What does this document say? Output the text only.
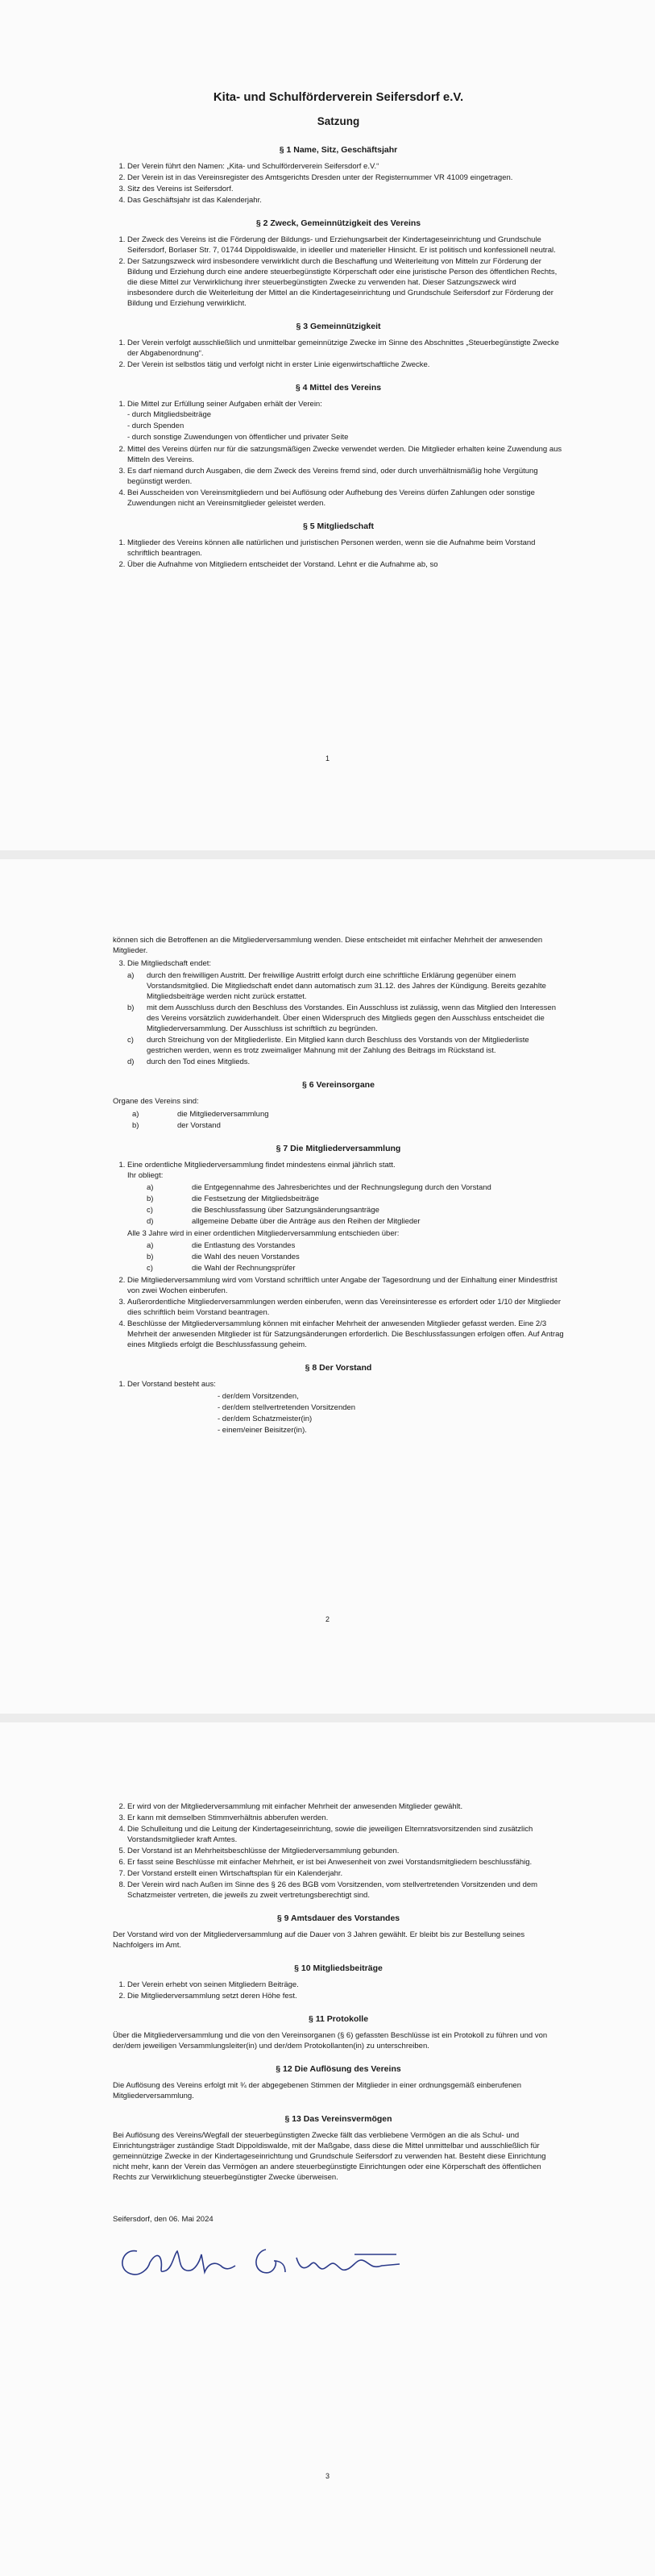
Kita- und Schulförderverein Seifersdorf e.V.
Satzung
§ 1 Name, Sitz, Geschäftsjahr
1. Der Verein führt den Namen: „Kita- und Schulförderverein Seifersdorf e.V.“
2. Der Verein ist in das Vereinsregister des Amtsgerichts Dresden unter der Registernummer VR 41009 eingetragen.
3. Sitz des Vereins ist Seifersdorf.
4. Das Geschäftsjahr ist das Kalenderjahr.
§ 2 Zweck, Gemeinnützigkeit des Vereins
1. Der Zweck des Vereins ist die Förderung der Bildungs- und Erziehungsarbeit der Kindertageseinrichtung und Grundschule Seifersdorf, Borlaser Str. 7, 01744 Dippoldiswalde, in ideeller und materieller Hinsicht. Er ist politisch und konfessionell neutral.
2. Der Satzungszweck wird insbesondere verwirklicht durch die Beschaffung und Weiterleitung von Mitteln zur Förderung der Bildung und Erziehung durch eine andere steuerbegünstigte Körperschaft oder eine juristische Person des öffentlichen Rechts, die diese Mittel zur Verwirklichung ihrer steuerbegünstigten Zwecke zu verwenden hat. Dieser Satzungszweck wird insbesondere durch die Weiterleitung der Mittel an die Kindertageseinrichtung und Grundschule Seifersdorf zur Förderung der Bildung und Erziehung verwirklicht.
§ 3 Gemeinnützigkeit
1. Der Verein verfolgt ausschließlich und unmittelbar gemeinnützige Zwecke im Sinne des Abschnittes „Steuerbegünstigte Zwecke der Abgabenordnung“.
2. Der Verein ist selbstlos tätig und verfolgt nicht in erster Linie eigenwirtschaftliche Zwecke.
§ 4 Mittel des Vereins
1. Die Mittel zur Erfüllung seiner Aufgaben erhält der Verein:
- durch Mitgliedsbeiträge
- durch Spenden
- durch sonstige Zuwendungen von öffentlicher und privater Seite
2. Mittel des Vereins dürfen nur für die satzungsmäßigen Zwecke verwendet werden. Die Mitglieder erhalten keine Zuwendung aus Mitteln des Vereins.
3. Es darf niemand durch Ausgaben, die dem Zweck des Vereins fremd sind, oder durch unverhältnismäßig hohe Vergütung begünstigt werden.
4. Bei Ausscheiden von Vereinsmitgliedern und bei Auflösung oder Aufhebung des Vereins dürfen Zahlungen oder sonstige Zuwendungen nicht an Vereinsmitglieder geleistet werden.
§ 5 Mitgliedschaft
1. Mitglieder des Vereins können alle natürlichen und juristischen Personen werden, wenn sie die Aufnahme beim Vorstand schriftlich beantragen.
2. Über die Aufnahme von Mitgliedern entscheidet der Vorstand. Lehnt er die Aufnahme ab, so
1

können sich die Betroffenen an die Mitgliederversammlung wenden. Diese entscheidet mit einfacher Mehrheit der anwesenden Mitglieder.

3. Die Mitgliedschaft endet:
a)	durch den freiwilligen Austritt. Der freiwillige Austritt erfolgt durch eine schriftliche Erklärung gegenüber einem Vorstandsmitglied. Die Mitgliedschaft endet dann automatisch zum 31.12. des Jahres der Kündigung. Bereits gezahlte Mitgliedsbeiträge werden nicht zurück erstattet.
b)	mit dem Ausschluss durch den Beschluss des Vorstandes. Ein Ausschluss ist zulässig, wenn das Mitglied den Interessen des Vereins vorsätzlich zuwiderhandelt. Über einen Widerspruch des Mitglieds gegen den Ausschluss entscheidet die Mitgliederversammlung. Der Ausschluss ist schriftlich zu begründen.
c)	durch Streichung von der Mitgliederliste. Ein Mitglied kann durch Beschluss des Vorstands von der Mitgliederliste gestrichen werden, wenn es trotz zweimaliger Mahnung mit der Zahlung des Beitrags im Rückstand ist.
d)	durch den Tod eines Mitglieds.
§ 6 Vereinsorgane

Organe des Vereins sind:

a)	die Mitgliederversammlung
b)	der Vorstand
§ 7 Die Mitgliederversammlung
1. Eine ordentliche Mitgliederversammlung findet mindestens einmal jährlich statt.
Ihr obliegt:
a)	die Entgegennahme des Jahresberichtes und der Rechnungslegung durch den Vorstand
b)	die Festsetzung der Mitgliedsbeiträge
c)	die Beschlussfassung über Satzungsänderungsanträge
d)	allgemeine Debatte über die Anträge aus den Reihen der Mitglieder
Alle 3 Jahre wird in einer ordentlichen Mitgliederversammlung entschieden über:
a)	die Entlastung des Vorstandes
b)	die Wahl des neuen Vorstandes
c)	die Wahl der Rechnungsprüfer
2. Die Mitgliederversammlung wird vom Vorstand schriftlich unter Angabe der Tagesordnung und der Einhaltung einer Mindestfrist von zwei Wochen einberufen.
3. Außerordentliche Mitgliederversammlungen werden einberufen, wenn das Vereinsinteresse es erfordert oder 1/10 der Mitglieder dies schriftlich beim Vorstand beantragen.
4. Beschlüsse der Mitgliederversammlung können mit einfacher Mehrheit der anwesenden Mitglieder gefasst werden. Eine 2/3 Mehrheit der anwesenden Mitglieder ist für Satzungsänderungen erforderlich. Die Beschlussfassungen erfolgen offen. Auf Antrag eines Mitglieds erfolgt die Beschlussfassung geheim.
§ 8 Der Vorstand
1. Der Vorstand besteht aus:
- der/dem Vorsitzenden,
- der/dem stellvertretenden Vorsitzenden
- der/dem Schatzmeister(in)
- einem/einer Beisitzer(in).
2
2. Er wird von der Mitgliederversammlung mit einfacher Mehrheit der anwesenden Mitglieder gewählt.
3. Er kann mit demselben Stimmverhältnis abberufen werden.
4. Die Schulleitung und die Leitung der Kindertageseinrichtung, sowie die jeweiligen Elternratsvorsitzenden sind zusätzlich Vorstandsmitglieder kraft Amtes.
5. Der Vorstand ist an Mehrheitsbeschlüsse der Mitgliederversammlung gebunden.
6. Er fasst seine Beschlüsse mit einfacher Mehrheit, er ist bei Anwesenheit von zwei Vorstandsmitgliedern beschlussfähig.
7. Der Vorstand erstellt einen Wirtschaftsplan für ein Kalenderjahr.
8. Der Verein wird nach Außen im Sinne des § 26 des BGB vom Vorsitzenden, vom stellvertretenden Vorsitzenden und dem Schatzmeister vertreten, die jeweils zu zweit vertretungsberechtigt sind.
§ 9 Amtsdauer des Vorstandes

Der Vorstand wird von der Mitgliederversammlung auf die Dauer von 3 Jahren gewählt. Er bleibt bis zur Bestellung seines Nachfolgers im Amt.

§ 10 Mitgliedsbeiträge
1. Der Verein erhebt von seinen Mitgliedern Beiträge.
2. Die Mitgliederversammlung setzt deren Höhe fest.
§ 11 Protokolle

Über die Mitgliederversammlung und die von den Vereinsorganen (§ 6) gefassten Beschlüsse ist ein Protokoll zu führen und von der/dem jeweiligen Versammlungsleiter(in) und der/dem Protokollanten(in) zu unterschreiben.

§ 12 Die Auflösung des Vereins

Die Auflösung des Vereins erfolgt mit ¾ der abgegebenen Stimmen der Mitglieder in einer ordnungsgemäß einberufenen Mitgliederversammlung.

§ 13 Das Vereinsvermögen

Bei Auflösung des Vereins/Wegfall der steuerbegünstigten Zwecke fällt das verbliebene Vermögen an die als Schul- und Einrichtungsträger zuständige Stadt Dippoldiswalde, mit der Maßgabe, dass diese die Mittel unmittelbar und ausschließlich für gemeinnützige Zwecke in der Kindertageseinrichtung und Grundschule Seifersdorf zu verwenden hat. Besteht diese Einrichtung nicht mehr, kann der Verein das Vermögen an andere steuerbegünstigte Einrichtungen oder eine Körperschaft des öffentlichen Rechts zur Verwirklichung steuerbegünstigter Zwecke überweisen.

Seifersdorf, den 06. Mai 2024
3
